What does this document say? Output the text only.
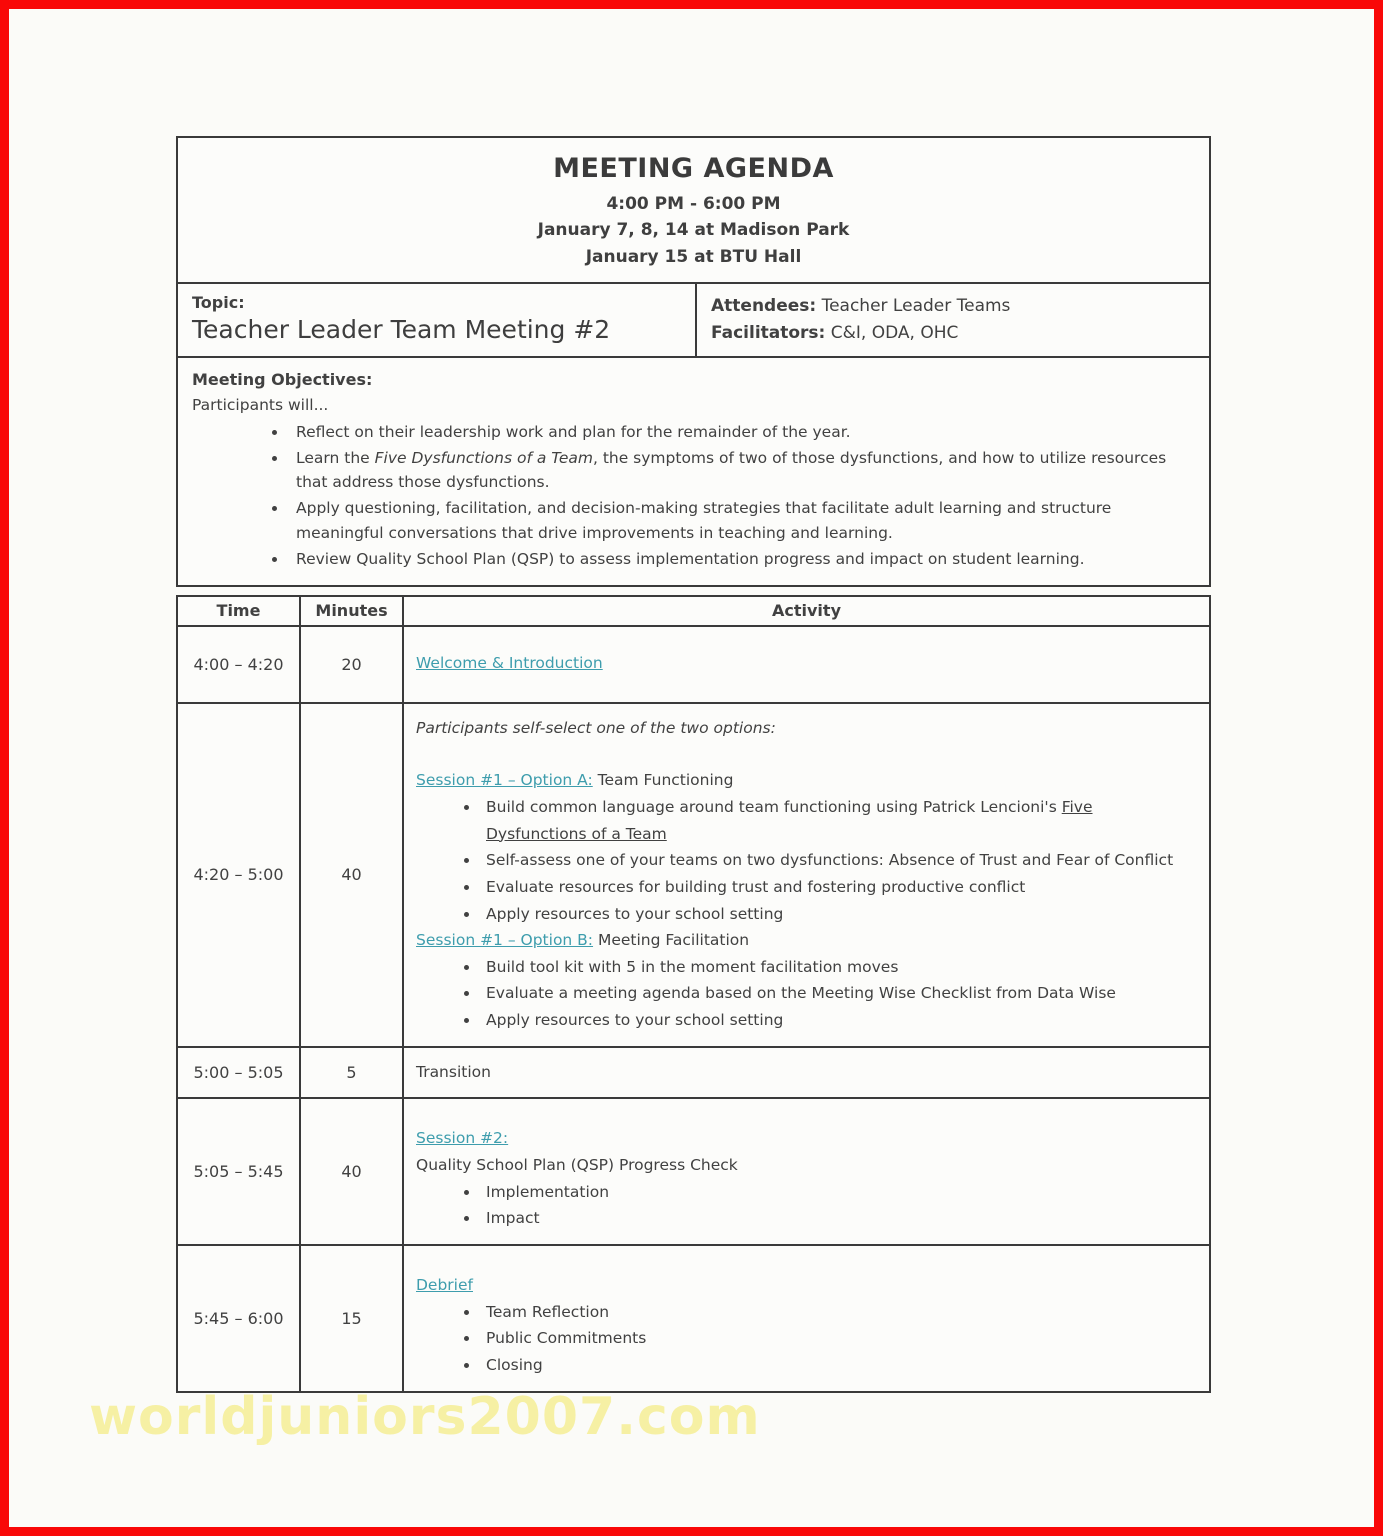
MEETING AGENDA
4:00 PM - 6:00 PM
January 7, 8, 14 at Madison Park
January 15 at BTU Hall
Topic:
Teacher Leader Team Meeting #2
Attendees: Teacher Leader Teams
Facilitators: C&I, ODA, OHC
Meeting Objectives:
Participants will...
• Reflect on their leadership work and plan for the remainder of the year.
• Learn the Five Dysfunctions of a Team, the symptoms of two of those dysfunctions, and how to utilize resources that address those dysfunctions.
• Apply questioning, facilitation, and decision-making strategies that facilitate adult learning and structure meaningful conversations that drive improvements in teaching and learning.
• Review Quality School Plan (QSP) to assess implementation progress and impact on student learning.
Time	Minutes	Activity
4:00 – 4:20	20	Welcome & Introduction
4:20 – 5:00	40	
Participants self-select one of the two options:
Session #1 – Option A: Team Functioning
• Build common language around team functioning using Patrick Lencioni's Five Dysfunctions of a Team
• Self-assess one of your teams on two dysfunctions: Absence of Trust and Fear of Conflict
• Evaluate resources for building trust and fostering productive conflict
• Apply resources to your school setting
Session #1 – Option B: Meeting Facilitation
• Build tool kit with 5 in the moment facilitation moves
• Evaluate a meeting agenda based on the Meeting Wise Checklist from Data Wise
• Apply resources to your school setting

5:00 – 5:05	5	Transition
5:05 – 5:45	40	
Session #2:
Quality School Plan (QSP) Progress Check
• Implementation
• Impact

5:45 – 6:00	15	
Debrief
• Team Reflection
• Public Commitments
• Closing
worldjuniors2007.com
